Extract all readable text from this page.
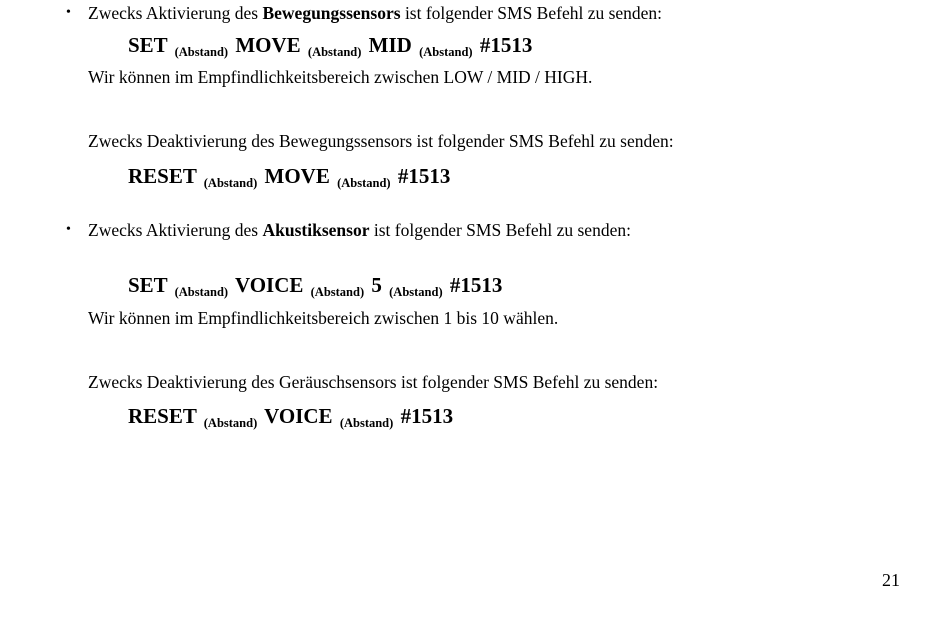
• Zwecks Aktivierung des Bewegungssensors ist folgender SMS Befehl zu senden:
SET (Abstand) MOVE (Abstand) MID (Abstand) #1513
Wir können im Empfindlichkeitsbereich zwischen LOW / MID / HIGH.
Zwecks Deaktivierung des Bewegungssensors ist folgender SMS Befehl zu senden:
RESET (Abstand) MOVE (Abstand) #1513
• Zwecks Aktivierung des Akustiksensor ist folgender SMS Befehl zu senden:
SET (Abstand) VOICE (Abstand) 5 (Abstand) #1513
Wir können im Empfindlichkeitsbereich zwischen 1 bis 10 wählen.
Zwecks Deaktivierung des Geräuschsensors ist folgender SMS Befehl zu senden:
RESET (Abstand) VOICE (Abstand) #1513
21
